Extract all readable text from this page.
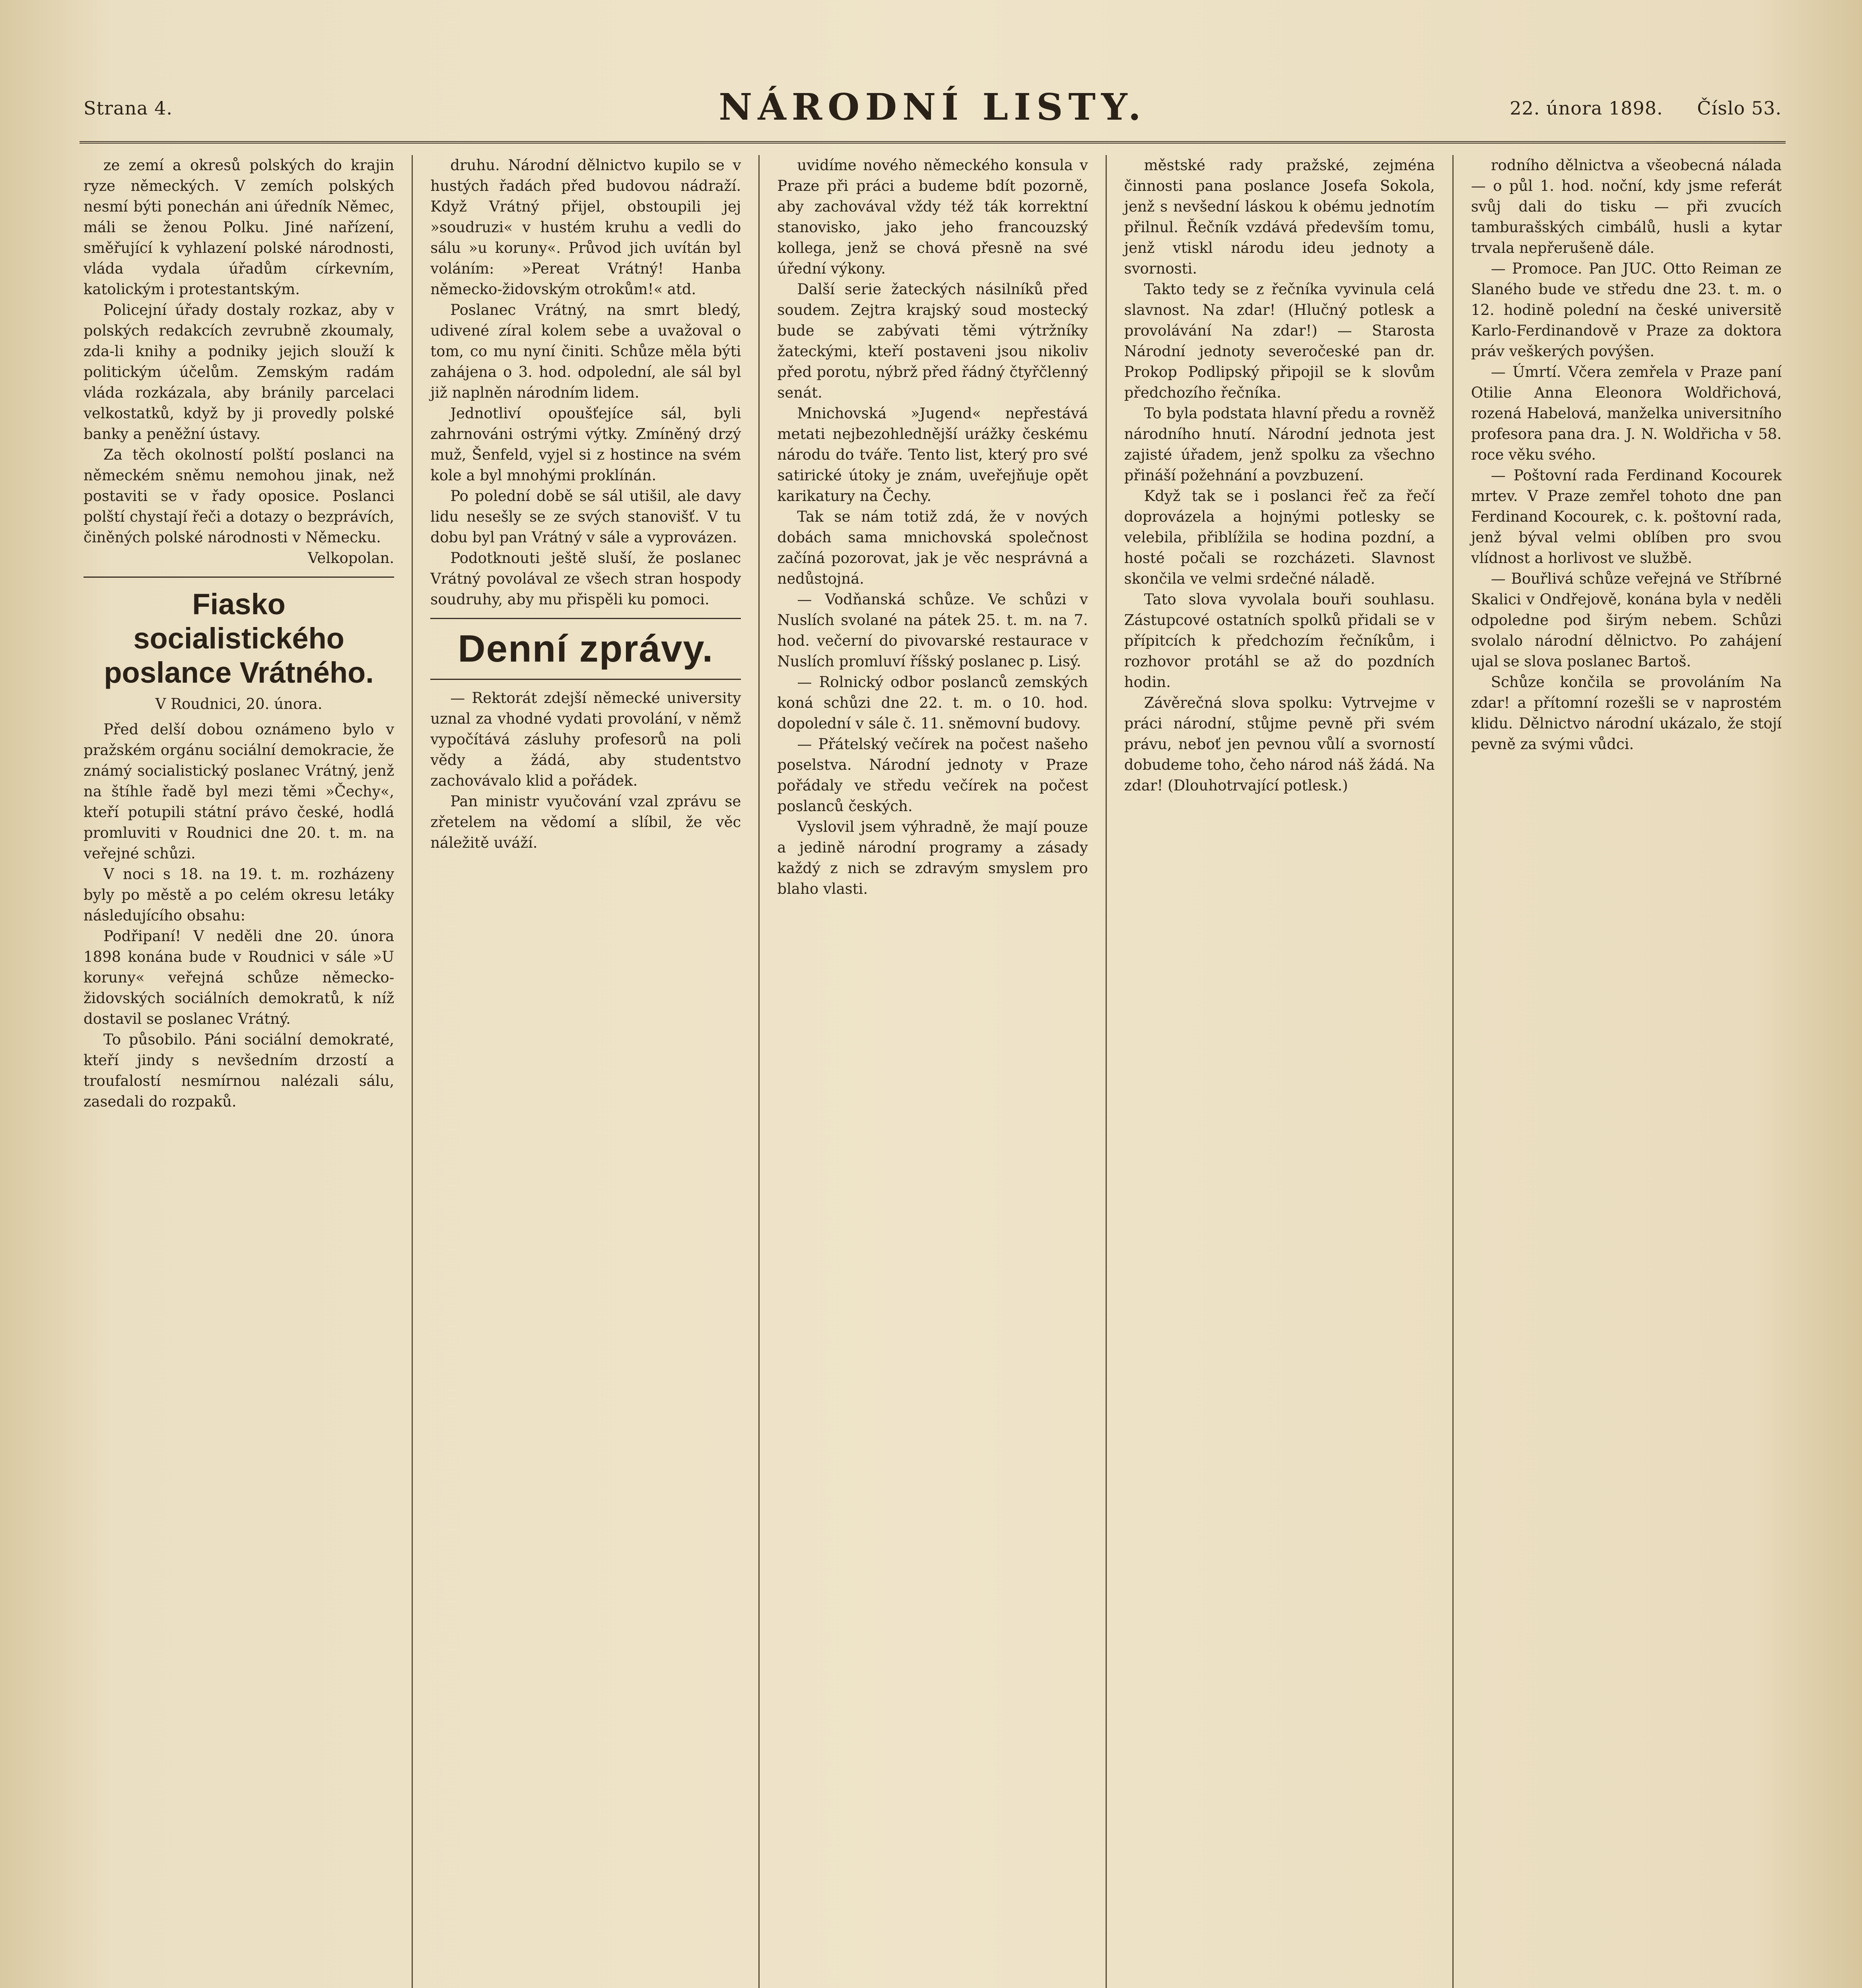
Strana 4.	NÁRODNÍ LISTY.	22. února 1898. Číslo 53.

ze zemí a okresů polských do krajin ryze německých. V zemích polských nesmí býti ponechán ani úředník Němec, máli se ženou Polku. Jiné nařízení, směřující k vyhlazení polské národnosti, vláda vydala úřadům církevním, katolickým i protestantským.

Policejní úřady dostaly rozkaz, aby v polských redakcích zevrubně zkoumaly, zda-li knihy a podniky jejich slouží k politickým účelům. Zemským radám vláda rozkázala, aby bránily parcelaci velkostatků, když by ji provedly polské banky a peněžní ústavy.

Za těch okolností polští poslanci na německém sněmu nemohou jinak, než postaviti se v řady oposice. Poslanci polští chystají řeči a dotazy o bezprávích, činěných polské národnosti v Německu.

Velkopolan.

Fiasko socialistického poslance Vrátného.
V Roudnici, 20. února.

Před delší dobou oznámeno bylo v pražském orgánu sociální demokracie, že známý socialistický poslanec Vrátný, jenž na štíhle řadě byl mezi těmi »Čechy«, kteří potupili státní právo české, hodlá promluviti v Roudnici dne 20. t. m. na veřejné schůzi.

V noci s 18. na 19. t. m. rozházeny byly po městě a po celém okresu letáky následujícího obsahu:

Podřipaní! V neděli dne 20. února 1898 konána bude v Roudnici v sále »U koruny« veřejná schůze německo-židovských sociálních demokratů, k níž dostavil se poslanec Vrátný.

To působilo. Páni sociální demokraté, kteří jindy s nevšedním drzostí a troufalostí nesmírnou nalézali sálu, zasedali do rozpaků.

druhu. Národní dělnictvo kupilo se v hustých řadách před budovou nádraží. Když Vrátný přijel, obstoupili jej »soudruzi« v hustém kruhu a vedli do sálu »u koruny«. Průvod jich uvítán byl voláním: »Pereat Vrátný! Hanba německo-židovským otrokům!« atd.

Poslanec Vrátný, na smrt bledý, udivené zíral kolem sebe a uvažoval o tom, co mu nyní činiti. Schůze měla býti zahájena o 3. hod. odpolední, ale sál byl již naplněn národním lidem.

Jednotliví opoušťejíce sál, byli zahrnováni ostrými výtky. Zmíněný drzý muž, Šenfeld, vyjel si z hostince na svém kole a byl mnohými proklínán.

Po polední době se sál utišil, ale davy lidu nesešly se ze svých stanovišť. V tu dobu byl pan Vrátný v sále a vyprovázen.

Podotknouti ještě sluší, že poslanec Vrátný povolával ze všech stran hospody soudruhy, aby mu přispěli ku pomoci.

Denní zprávy.

— Rektorát zdejší německé university uznal za vhodné vydati provolání, v němž vypočítává zásluhy profesorů na poli vědy a žádá, aby studentstvo zachovávalo klid a pořádek.

Pan ministr vyučování vzal zprávu se zřetelem na vědomí a slíbil, že věc náležitě uváží.

uvidíme nového německého konsula v Praze při práci a budeme bdít pozorně, aby zachovával vždy též ták korrektní stanovisko, jako jeho francouzský kollega, jenž se chová přesně na své úřední výkony.

Další serie žateckých násilníků před soudem. Zejtra krajský soud mostecký bude se zabývati těmi výtržníky žateckými, kteří postaveni jsou nikoliv před porotu, nýbrž před řádný čtyřčlenný senát.

Mnichovská »Jugend« nepřestává metati nejbezohlednější urážky českému národu do tváře. Tento list, který pro své satirické útoky je znám, uveřejňuje opět karikatury na Čechy.

Tak se nám totiž zdá, že v nových dobách sama mnichovská společnost začíná pozorovat, jak je věc nesprávná a nedůstojná.

— Vodňanská schůze. Ve schůzi v Nuslích svolané na pátek 25. t. m. na 7. hod. večerní do pivovarské restaurace v Nuslích promluví říšský poslanec p. Lisý.

— Rolnický odbor poslanců zemských koná schůzi dne 22. t. m. o 10. hod. dopolední v sále č. 11. sněmovní budovy.

— Přátelský večírek na počest našeho poselstva. Národní jednoty v Praze pořádaly ve středu večírek na počest poslanců českých.

Vyslovil jsem výhradně, že mají pouze a jedině národní programy a zásady každý z nich se zdravým smyslem pro blaho vlasti.

městské rady pražské, zejména činnosti pana poslance Josefa Sokola, jenž s nevšední láskou k obému jednotím přilnul. Řečník vzdává především tomu, jenž vtiskl národu ideu jednoty a svornosti.

Takto tedy se z řečníka vyvinula celá slavnost. Na zdar! (Hlučný potlesk a provolávání Na zdar!) — Starosta Národní jednoty severočeské pan dr. Prokop Podlipský připojil se k slovům předchozího řečníka.

To byla podstata hlavní předu a rovněž národního hnutí. Národní jednota jest zajisté úřadem, jenž spolku za všechno přináší požehnání a povzbuzení.

Když tak se i poslanci řeč za řečí doprovázela a hojnými potlesky se velebila, přiblížila se hodina pozdní, a hosté počali se rozcházeti. Slavnost skončila ve velmi srdečné náladě.

Tato slova vyvolala bouři souhlasu. Zástupcové ostatních spolků přidali se v přípitcích k předchozím řečníkům, i rozhovor protáhl se až do pozdních hodin.

Závěrečná slova spolku: Vytrvejme v práci národní, stůjme pevně při svém právu, neboť jen pevnou vůlí a svorností dobudeme toho, čeho národ náš žádá. Na zdar! (Dlouhotrvající potlesk.)

rodního dělnictva a všeobecná nálada — o půl 1. hod. noční, kdy jsme referát svůj dali do tisku — při zvucích tamburašských cimbálů, husli a kytar trvala nepřerušeně dále.

— Promoce. Pan JUC. Otto Reiman ze Slaného bude ve středu dne 23. t. m. o 12. hodině polední na české universitě Karlo-Ferdinandově v Praze za doktora práv veškerých povýšen.

— Úmrtí. Včera zemřela v Praze paní Otilie Anna Eleonora Woldřichová, rozená Habelová, manželka universitního profesora pana dra. J. N. Woldřicha v 58. roce věku svého.

— Poštovní rada Ferdinand Kocourek mrtev. V Praze zemřel tohoto dne pan Ferdinand Kocourek, c. k. poštovní rada, jenž býval velmi oblíben pro svou vlídnost a horlivost ve službě.

— Bouřlivá schůze veřejná ve Stříbrné Skalici v Ondřejově, konána byla v neděli odpoledne pod širým nebem. Schůzi svolalo národní dělnictvo. Po zahájení ujal se slova poslanec Bartoš.

Schůze končila se provoláním Na zdar! a přítomní rozešli se v naprostém klidu. Dělnictvo národní ukázalo, že stojí pevně za svými vůdci.
